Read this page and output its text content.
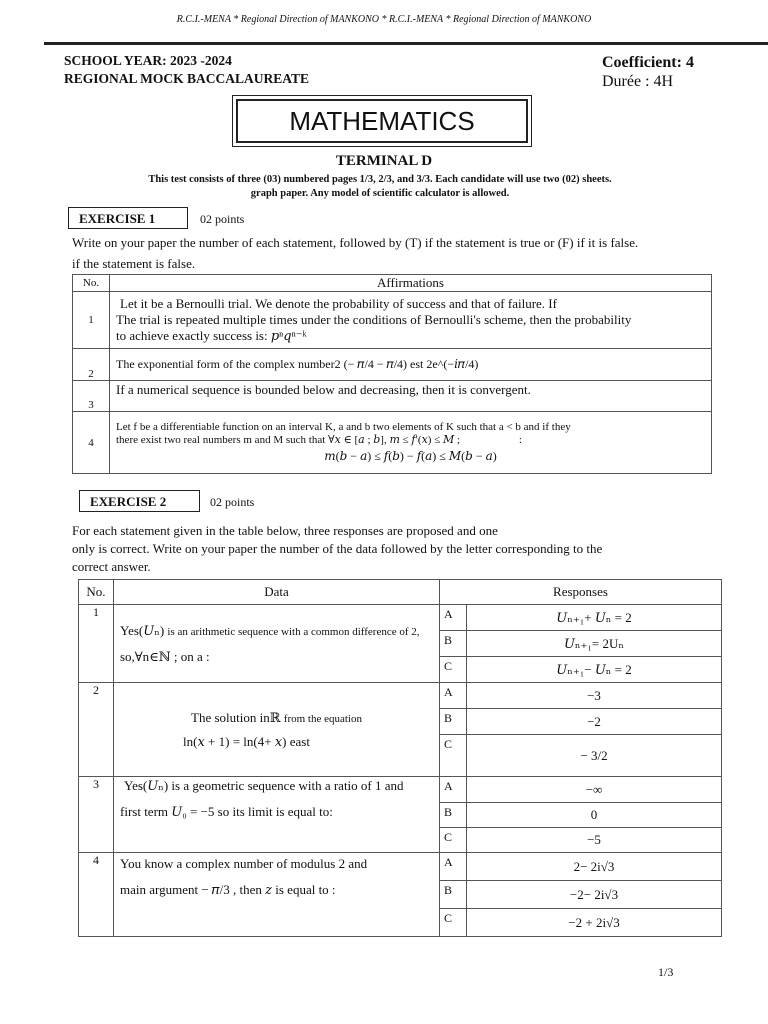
R.C.I.-MENA * Regional Direction of MANKONO * R.C.I.-MENA * Regional Direction of MANKONO
SCHOOL YEAR: 2023 -2024
REGIONAL MOCK BACCALAUREATE
Coefficient: 4
Durée : 4H
MATHEMATICS
TERMINAL D
This test consists of three (03) numbered pages 1/3, 2/3, and 3/3. Each candidate will use two (02) sheets.
graph paper. Any model of scientific calculator is allowed.
EXERCISE 1	02 points
Write on your paper the number of each statement, followed by (T) if the statement is true or (F) if it is false.
if the statement is false.
No.	Affirmations
1	Let it be a Bernoulli trial. We denote the probability of success and that of failure. If
The trial is repeated multiple times under the conditions of Bernoulli's scheme, then the probability
to achieve exactly success is: 𝑝ⁿ𝑞ⁿ⁻ᵏ

2	The exponential form of the complex number2 (− 𝜋/4 − 𝜋/4) est 2e^(−𝑖𝜋/4)
3	If a numerical sequence is bounded below and decreasing, then it is convergent.
4	Let f be a differentiable function on an interval K, a and b two elements of K such that a < b and if they
there exist two real numbers m and M such that ∀𝑥 ∈ [𝑎 ; 𝑏], 𝑚 ≤ 𝑓′(𝑥) ≤ 𝑀 ; :
𝑚(𝑏 − 𝑎) ≤ 𝑓(𝑏) − 𝑓(𝑎) ≤ 𝑀(𝑏 − 𝑎)
EXERCISE 2	02 points
For each statement given in the table below, three responses are proposed and one
only is correct. Write on your paper the number of the data followed by the letter corresponding to the
correct answer.
No.	Data	Responses	
1	Yes(𝑈ₙ) is an arithmetic sequence with a common difference of 2,
so,∀n∈ℕ ; on a :	A	𝑈ₙ₊₁+ 𝑈ₙ = 2
		B	𝑈ₙ₊₁= 2Uₙ
		C	𝑈ₙ₊₁− 𝑈ₙ = 2
2	The solution inℝ from the equation
ln(𝑥 + 1) = ln(4+ 𝑥) east	A	−3
		B	−2
		C	− 3/2
3	Yes(𝑈ₙ) is a geometric sequence with a ratio of 1 and
first term 𝑈₀ = −5 so its limit is equal to:	A	−∞
		B	0
		C	−5
4	You know a complex number of modulus 2 and
main argument − 𝜋/3 , then 𝑧 is equal to :	A	2− 2i√3
		B	−2− 2i√3
		C	−2 + 2i√3
1/3
